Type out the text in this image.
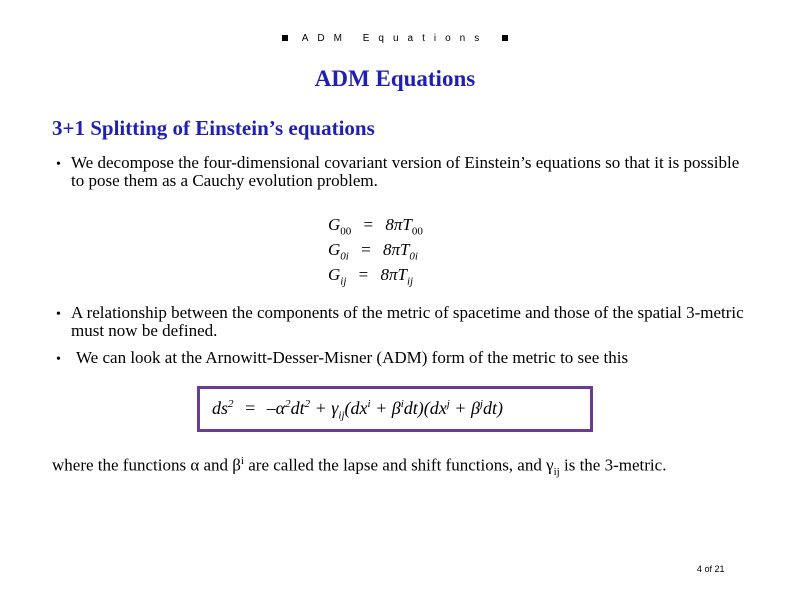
ADM Equations
ADM Equations
3+1 Splitting of Einstein’s equations
• We decompose the four-dimensional covariant version of Einstein’s equations so that it is possible to pose them as a Cauchy evolution problem.
$G_{00} = 8\pi T_{00}$
$G_{0i} = 8\pi T_{0i}$
$G_{ij} = 8\pi T_{ij}$
• A relationship between the components of the metric of spacetime and those of the spatial 3-metric must now be defined.
• We can look at the Arnowitt-Desser-Misner (ADM) form of the metric to see this
$ds^2 = -\alpha^2dt^2 + \gamma_{ij}(dx^i + \beta^idt)(dx^j + \beta^jdt)$
where the functions α and $\beta^i$ are called the lapse and shift functions, and $\gamma_{ij}$ is the 3-metric.
4 of 21
